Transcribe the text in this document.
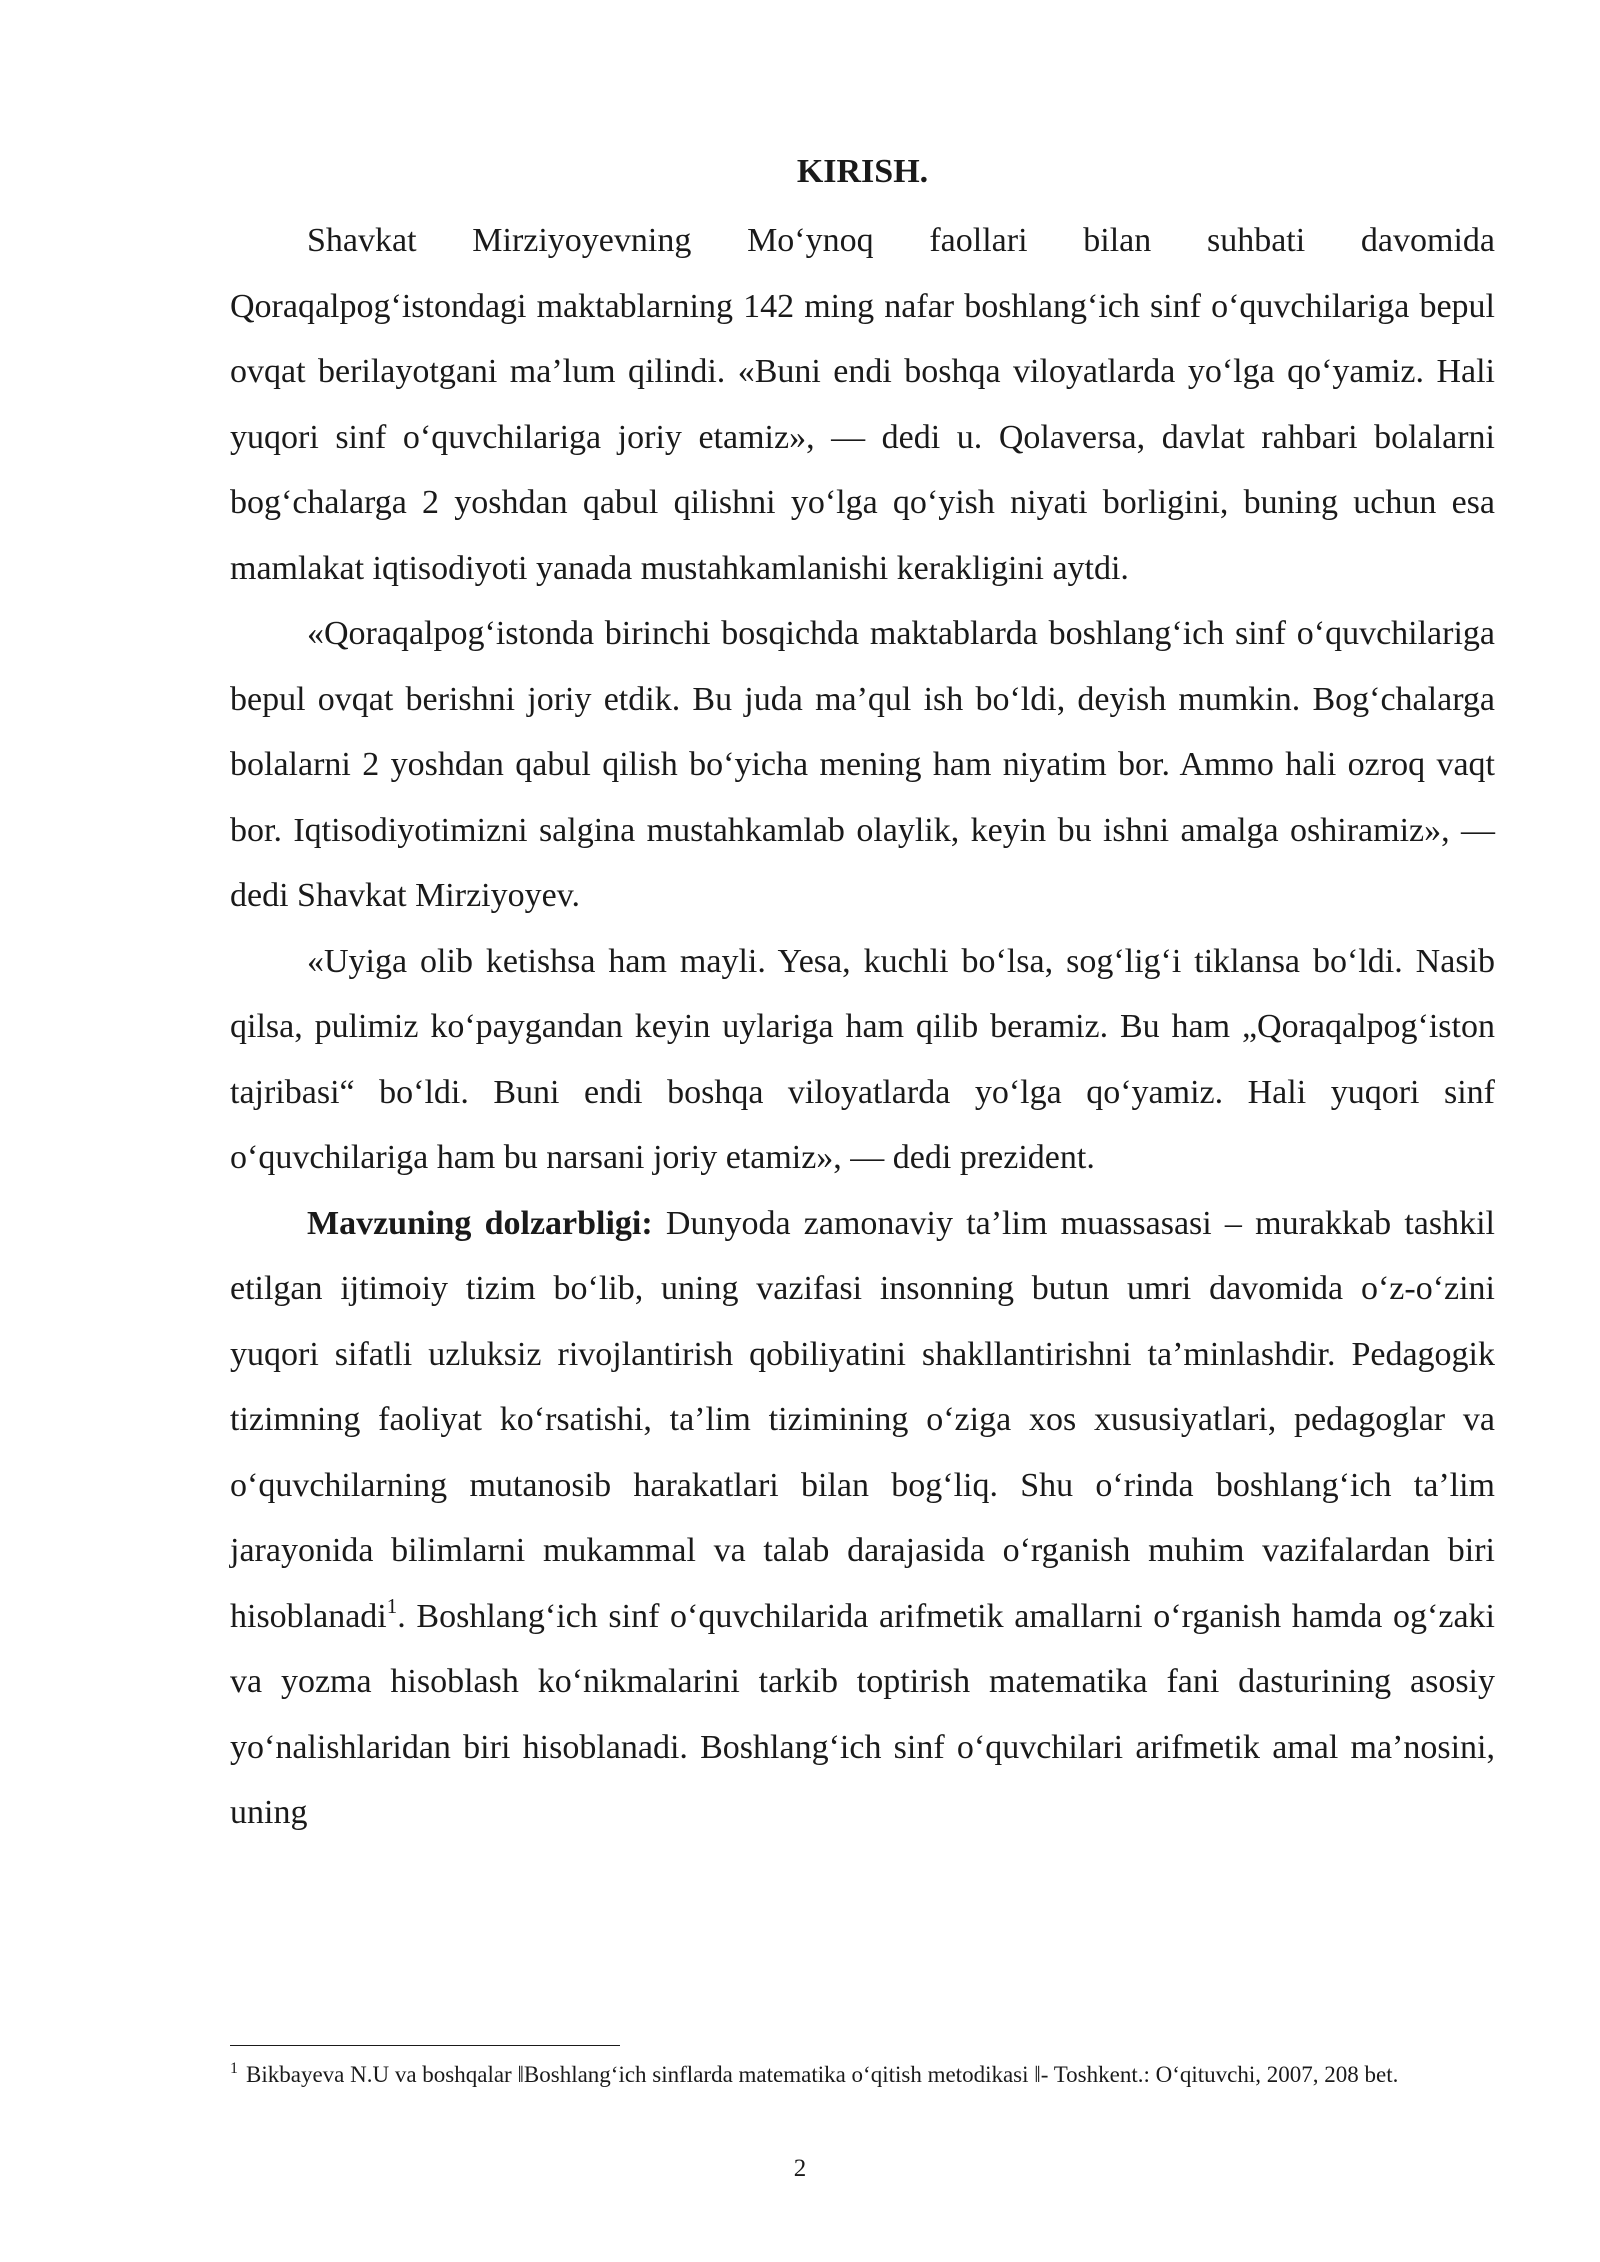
KIRISH.

Shavkat Mirziyoyevning Mo‘ynoq faollari bilan suhbati davomida Qoraqalpog‘istondagi maktablarning 142 ming nafar boshlang‘ich sinf o‘quvchilariga bepul ovqat berilayotgani ma’lum qilindi. «Buni endi boshqa viloyatlarda yo‘lga qo‘yamiz. Hali yuqori sinf o‘quvchilariga joriy etamiz», — dedi u. Qolaversa, davlat rahbari bolalarni bog‘chalarga 2 yoshdan qabul qilishni yo‘lga qo‘yish niyati borligini, buning uchun esa mamlakat iqtisodiyoti yanada mustahkamlanishi kerakligini aytdi.

«Qoraqalpog‘istonda birinchi bosqichda maktablarda boshlang‘ich sinf o‘quvchilariga bepul ovqat berishni joriy etdik. Bu juda ma’qul ish bo‘ldi, deyish mumkin. Bog‘chalarga bolalarni 2 yoshdan qabul qilish bo‘yicha mening ham niyatim bor. Ammo hali ozroq vaqt bor. Iqtisodiyotimizni salgina mustahkamlab olaylik, keyin bu ishni amalga oshiramiz», — dedi Shavkat Mirziyoyev.

«Uyiga olib ketishsa ham mayli. Yesa, kuchli bo‘lsa, sog‘lig‘i tiklansa bo‘ldi. Nasib qilsa, pulimiz ko‘paygandan keyin uylariga ham qilib beramiz. Bu ham „Qoraqalpog‘iston tajribasi“ bo‘ldi. Buni endi boshqa viloyatlarda yo‘lga qo‘yamiz. Hali yuqori sinf o‘quvchilariga ham bu narsani joriy etamiz», — dedi prezident.

Mavzuning dolzarbligi: Dunyoda zamonaviy ta’lim muassasasi – murakkab tashkil etilgan ijtimoiy tizim bo‘lib, uning vazifasi insonning butun umri davomida o‘z-o‘zini yuqori sifatli uzluksiz rivojlantirish qobiliyatini shakllantirishni ta’minlashdir. Pedagogik tizimning faoliyat ko‘rsatishi, ta’lim tizimining o‘ziga xos xususiyatlari, pedagoglar va o‘quvchilarning mutanosib harakatlari bilan bog‘liq. Shu o‘rinda boshlang‘ich ta’lim jarayonida bilimlarni mukammal va talab darajasida o‘rganish muhim vazifalardan biri hisoblanadi$^1$. Boshlang‘ich sinf o‘quvchilarida arifmetik amallarni o‘rganish hamda og‘zaki va yozma hisoblash ko‘nikmalarini tarkib toptirish matematika fani dasturining asosiy yo‘nalishlaridan biri hisoblanadi. Boshlang‘ich sinf o‘quvchilari arifmetik amal ma’nosini, uning

$^1$ Bikbayeva N.U va boshqalar ‖Boshlang‘ich sinflarda matematika o‘qitish metodikasi ‖- Toshkent.: O‘qituvchi, 2007, 208 bet.

2
